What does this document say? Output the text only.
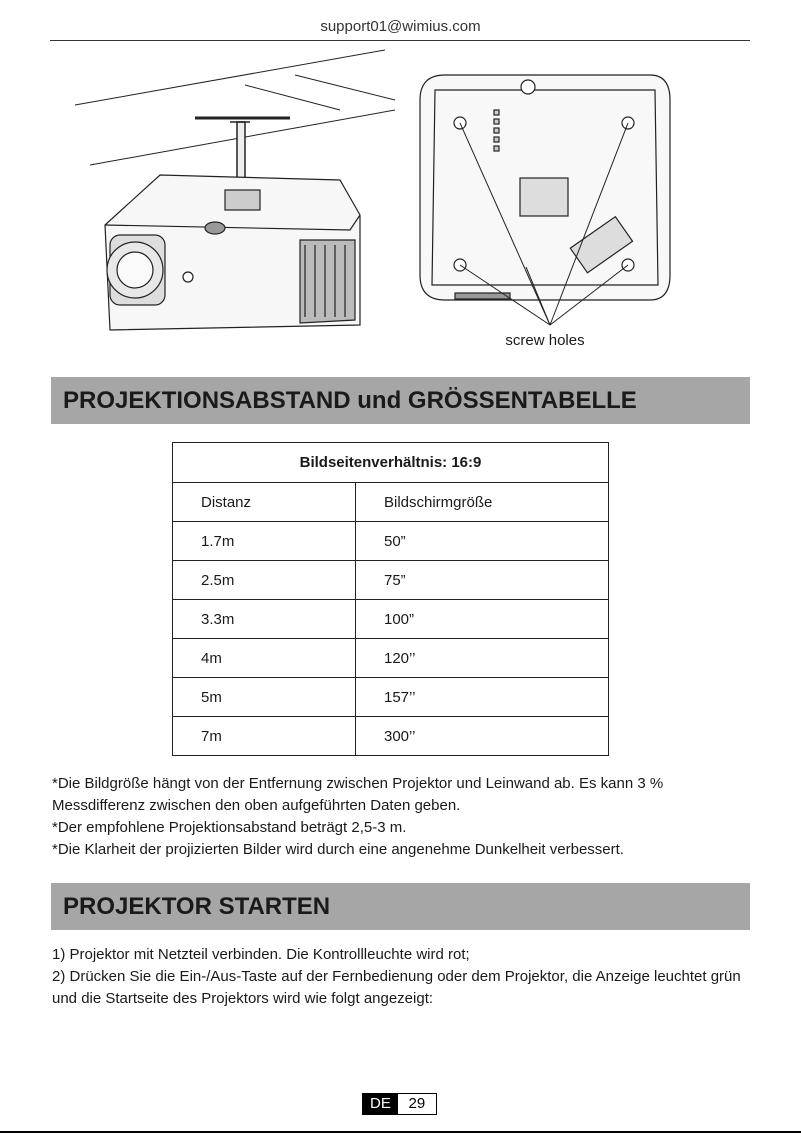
support01@wimius.com
screw holes
PROJEKTIONSABSTAND und GRÖSSENTABELLE
Bildseitenverhältnis: 16:9	
Distanz	Bildschirmgröße
1.7m	50”
2.5m	75”
3.3m	100”
4m	120’’
5m	157’’
7m	300’’

*Die Bildgröße hängt von der Entfernung zwischen Projektor und Leinwand ab. Es kann 3 % Messdifferenz zwischen den oben aufgeführten Daten geben.

*Der empfohlene Projektionsabstand beträgt 2,5-3 m.

*Die Klarheit der projizierten Bilder wird durch eine angenehme Dunkelheit verbessert.

PROJEKTOR STARTEN

1) Projektor mit Netzteil verbinden. Die Kontrollleuchte wird rot;

2) Drücken Sie die Ein-/Aus-Taste auf der Fernbedienung oder dem Projektor, die Anzeige leuchtet grün und die Startseite des Projektors wird wie folgt angezeigt:

DE	29
